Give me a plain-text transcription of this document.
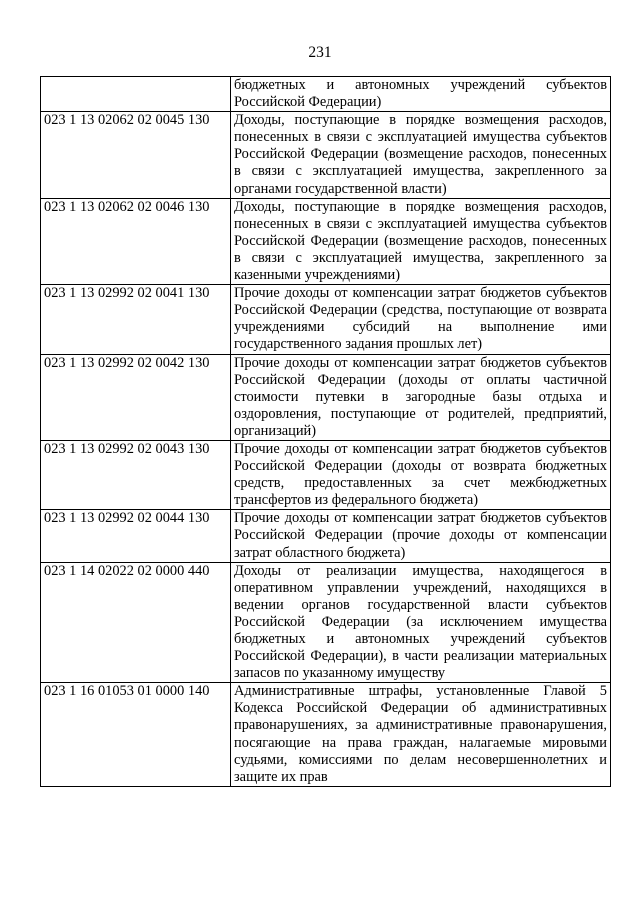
231
	бюджетных и автономных учреждений субъектов Российской Федерации)
023 1 13 02062 02 0045 130	Доходы, поступающие в порядке возмещения расходов, понесенных в связи с эксплуатацией имущества субъектов Российской Федерации (возмещение расходов, понесенных в связи с эксплуатацией имущества, закрепленного за органами государственной власти)
023 1 13 02062 02 0046 130	Доходы, поступающие в порядке возмещения расходов, понесенных в связи с эксплуатацией имущества субъектов Российской Федерации (возмещение расходов, понесенных в связи с эксплуатацией имущества, закрепленного за казенными учреждениями)
023 1 13 02992 02 0041 130	Прочие доходы от компенсации затрат бюджетов субъектов Российской Федерации (средства, поступающие от возврата учреждениями субсидий на выполнение ими государственного задания прошлых лет)
023 1 13 02992 02 0042 130	Прочие доходы от компенсации затрат бюджетов субъектов Российской Федерации (доходы от оплаты частичной стоимости путевки в загородные базы отдыха и оздоровления, поступающие от родителей, предприятий, организаций)
023 1 13 02992 02 0043 130	Прочие доходы от компенсации затрат бюджетов субъектов Российской Федерации (доходы от возврата бюджетных средств, предоставленных за счет межбюджетных трансфертов из федерального бюджета)
023 1 13 02992 02 0044 130	Прочие доходы от компенсации затрат бюджетов субъектов Российской Федерации (прочие доходы от компенсации затрат областного бюджета)
023 1 14 02022 02 0000 440	Доходы от реализации имущества, находящегося в оперативном управлении учреждений, находящихся в ведении органов государственной власти субъектов Российской Федерации (за исключением имущества бюджетных и автономных учреждений субъектов Российской Федерации), в части реализации материальных запасов по указанному имуществу
023 1 16 01053 01 0000 140	Административные штрафы, установленные Главой 5 Кодекса Российской Федерации об административных правонарушениях, за административные правонарушения, посягающие на права граждан, налагаемые мировыми судьями, комиссиями по делам несовершеннолетних и защите их прав
